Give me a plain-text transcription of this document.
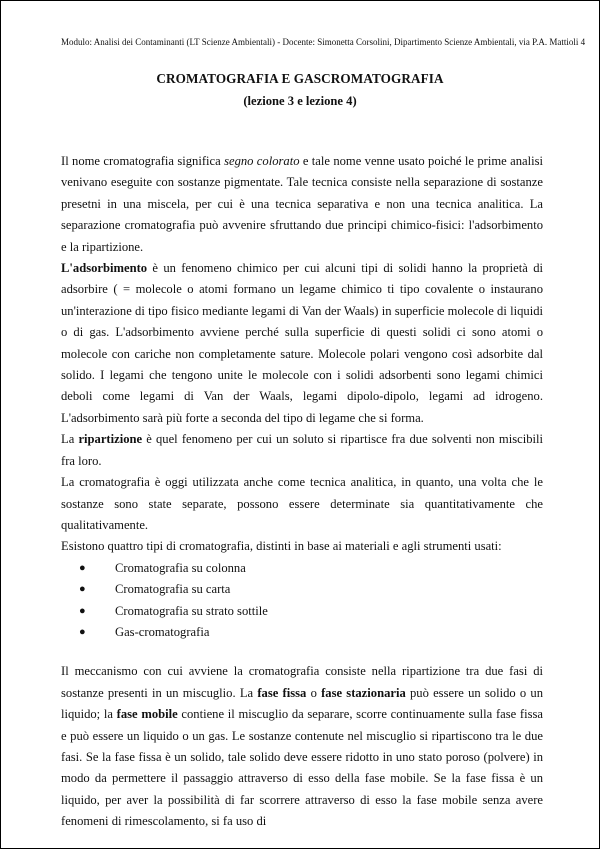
Modulo: Analisi dei Contaminanti (LT Scienze Ambientali) - Docente: Simonetta Corsolini, Dipartimento Scienze Ambientali, via P.A. Mattioli 4
CROMATOGRAFIA E GASCROMATOGRAFIA
(lezione 3 e lezione 4)

Il nome cromatografia significa segno colorato e tale nome venne usato poiché le prime analisi venivano eseguite con sostanze pigmentate. Tale tecnica consiste nella separazione di sostanze presetni in una miscela, per cui è una tecnica separativa e non una tecnica analitica. La separazione cromatografia può avvenire sfruttando due principi chimico-fisici: l'adsorbimento e la ripartizione.

L'adsorbimento è un fenomeno chimico per cui alcuni tipi di solidi hanno la proprietà di adsorbire ( = molecole o atomi formano un legame chimico ti tipo covalente o instaurano un'interazione di tipo fisico mediante legami di Van der Waals) in superficie molecole di liquidi o di gas. L'adsorbimento avviene perché sulla superficie di questi solidi ci sono atomi o molecole con cariche non completamente sature. Molecole polari vengono così adsorbite dal solido. I legami che tengono unite le molecole con i solidi adsorbenti sono legami chimici deboli come legami di Van der Waals, legami dipolo-dipolo, legami ad idrogeno. L'adsorbimento sarà più forte a seconda del tipo di legame che si forma.

La ripartizione è quel fenomeno per cui un soluto si ripartisce fra due solventi non miscibili fra loro.

La cromatografia è oggi utilizzata anche come tecnica analitica, in quanto, una volta che le sostanze sono state separate, possono essere determinate sia quantitativamente che qualitativamente.

Esistono quattro tipi di cromatografia, distinti in base ai materiali e agli strumenti usati:

● Cromatografia su colonna
● Cromatografia su carta
● Cromatografia su strato sottile
● Gas-cromatografia

Il meccanismo con cui avviene la cromatografia consiste nella ripartizione tra due fasi di sostanze presenti in un miscuglio. La fase fissa o fase stazionaria può essere un solido o un liquido; la fase mobile contiene il miscuglio da separare, scorre continuamente sulla fase fissa e può essere un liquido o un gas. Le sostanze contenute nel miscuglio si ripartiscono tra le due fasi. Se la fase fissa è un solido, tale solido deve essere ridotto in uno stato poroso (polvere) in modo da permettere il passaggio attraverso di esso della fase mobile. Se la fase fissa è un liquido, per aver la possibilità di far scorrere attraverso di esso la fase mobile senza avere fenomeni di rimescolamento, si fa uso di
